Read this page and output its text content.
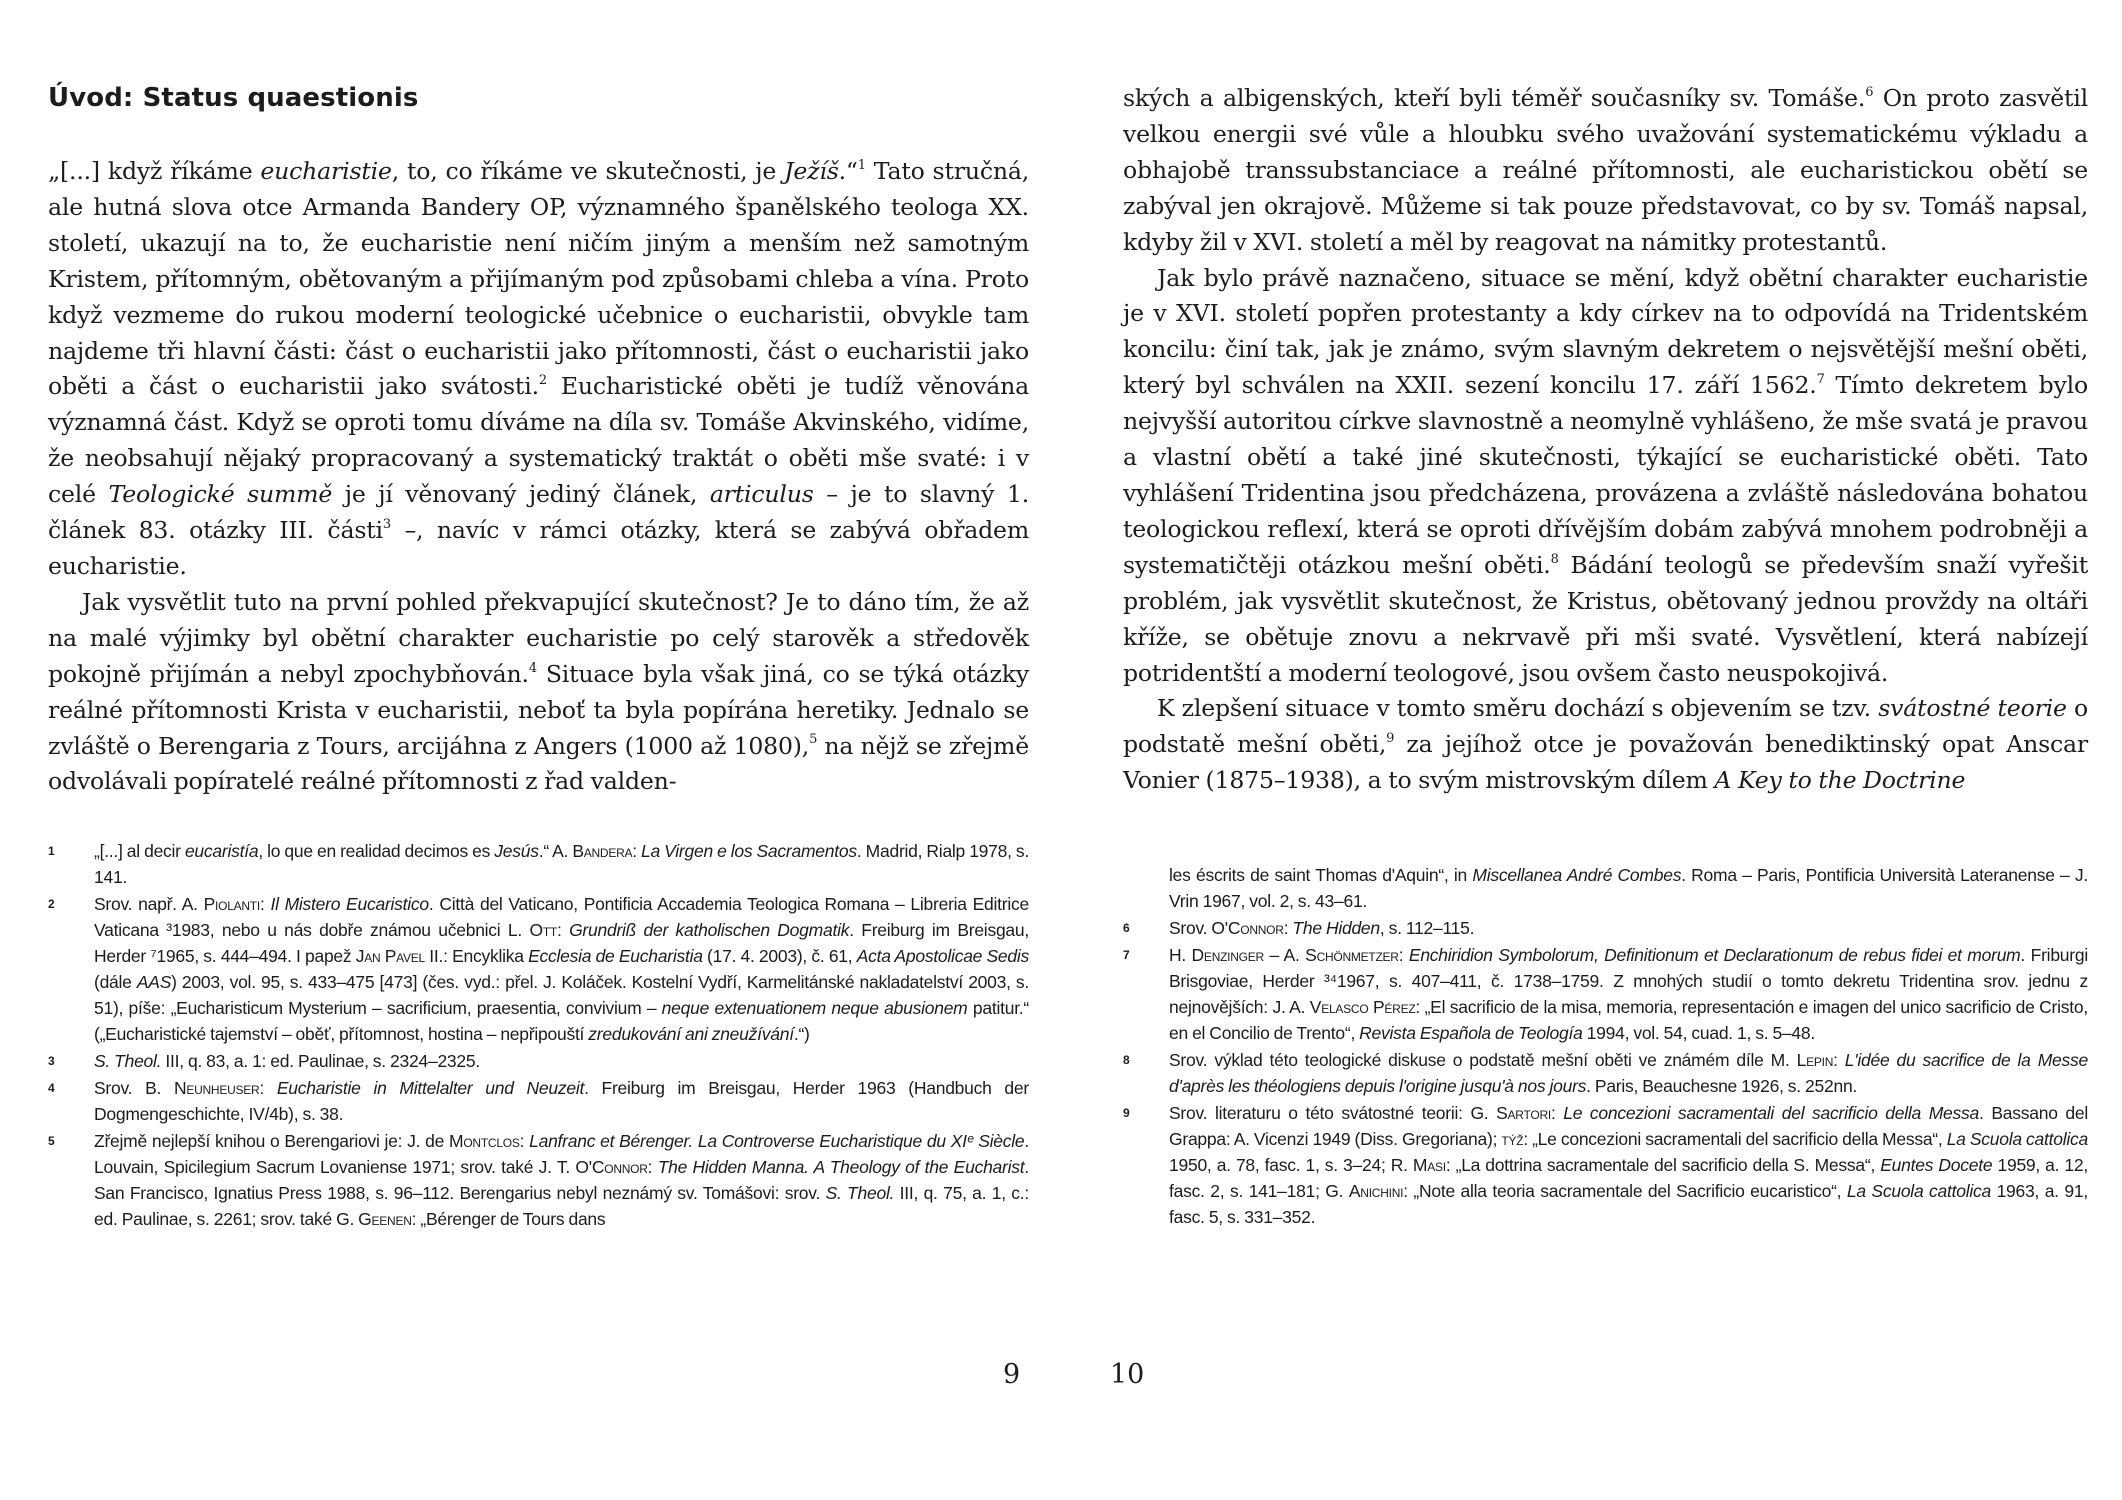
Úvod: Status quaestionis

„[...] když říkáme eucharistie, to, co říkáme ve skutečnosti, je Ježíš.“$^1$ Tato stručná, ale hutná slova otce Armanda Bandery OP, významného španělského teologa XX. století, ukazují na to, že eucharistie není ničím jiným a menším než samotným Kristem, přítomným, obětovaným a přijímaným pod způsobami chleba a vína. Proto když vezmeme do rukou moderní teologické učebnice o eucharistii, obvykle tam najdeme tři hlavní části: část o eucharistii jako přítomnosti, část o eucharistii jako oběti a část o eucharistii jako svátosti.$^2$ Eucharistické oběti je tudíž věnována významná část. Když se oproti tomu díváme na díla sv. Tomáše Akvinského, vidíme, že neobsahují nějaký propracovaný a systematický traktát o oběti mše svaté: i v celé Teologické summě je jí věnovaný jediný článek, articulus – je to slavný 1. článek 83. otázky III. části$^3$ –, navíc v rámci otázky, která se zabývá obřadem eucharistie.

Jak vysvětlit tuto na první pohled překvapující skutečnost? Je to dáno tím, že až na malé výjimky byl obětní charakter eucharistie po celý starověk a středověk pokojně přijímán a nebyl zpochybňován.$^4$ Situace byla však jiná, co se týká otázky reálné přítomnosti Krista v eucharistii, neboť ta byla popírána heretiky. Jednalo se zvláště o Berengaria z Tours, arcijáhna z Angers (1000 až 1080),$^5$ na nějž se zřejmě odvolávali popíratelé reálné přítomnosti z řad valden-

1 „[...] al decir eucaristía, lo que en realidad decimos es Jesús.“ A. Bandera: La Virgen e los Sacramentos. Madrid, Rialp 1978, s. 141.
2 Srov. např. A. Piolanti: Il Mistero Eucaristico. Città del Vaticano, Pontificia Accademia Teologica Romana – Libreria Editrice Vaticana ³1983, nebo u nás dobře známou učebnici L. Ott: Grundriß der katholischen Dogmatik. Freiburg im Breisgau, Herder ⁷1965, s. 444–494. I papež Jan Pavel II.: Encyklika Ecclesia de Eucharistia (17. 4. 2003), č. 61, Acta Apostolicae Sedis (dále AAS) 2003, vol. 95, s. 433–475 [473] (čes. vyd.: přel. J. Koláček. Kostelní Vydří, Karmelitánské nakladatelství 2003, s. 51), píše: „Eucharisticum Mysterium – sacrificium, praesentia, convivium – neque extenuationem neque abusionem patitur.“ („Eucharistické tajemství – oběť, přítomnost, hostina – nepřipouští zredukování ani zneužívání.“)
3 S. Theol. III, q. 83, a. 1: ed. Paulinae, s. 2324–2325.
4 Srov. B. Neunheuser: Eucharistie in Mittelalter und Neuzeit. Freiburg im Breisgau, Herder 1963 (Handbuch der Dogmengeschichte, IV/4b), s. 38.
5 Zřejmě nejlepší knihou o Berengariovi je: J. de Montclos: Lanfranc et Bérenger. La Controverse Eucharistique du XIᵉ Siècle. Louvain, Spicilegium Sacrum Lovaniense 1971; srov. také J. T. O'Connor: The Hidden Manna. A Theology of the Eucharist. San Francisco, Ignatius Press 1988, s. 96–112. Berengarius nebyl neznámý sv. Tomášovi: srov. S. Theol. III, q. 75, a. 1, c.: ed. Paulinae, s. 2261; srov. také G. Geenen: „Bérenger de Tours dans
9

ských a albigenských, kteří byli téměř současníky sv. Tomáše.$^6$ On proto zasvětil velkou energii své vůle a hloubku svého uvažování systematickému výkladu a obhajobě transsubstanciace a reálné přítomnosti, ale eucharistickou obětí se zabýval jen okrajově. Můžeme si tak pouze představovat, co by sv. Tomáš napsal, kdyby žil v XVI. století a měl by reagovat na námitky protestantů.

Jak bylo právě naznačeno, situace se mění, když obětní charakter eucharistie je v XVI. století popřen protestanty a kdy církev na to odpovídá na Tridentském koncilu: činí tak, jak je známo, svým slavným dekretem o nejsvětější mešní oběti, který byl schválen na XXII. sezení koncilu 17. září 1562.$^7$ Tímto dekretem bylo nejvyšší autoritou církve slavnostně a neomylně vyhlášeno, že mše svatá je pravou a vlastní obětí a také jiné skutečnosti, týkající se eucharistické oběti. Tato vyhlášení Tridentina jsou předcházena, provázena a zvláště následována bohatou teologickou reflexí, která se oproti dřívějším dobám zabývá mnohem podrobněji a systematičtěji otázkou mešní oběti.$^8$ Bádání teologů se především snaží vyřešit problém, jak vysvětlit skutečnost, že Kristus, obětovaný jednou provždy na oltáři kříže, se obětuje znovu a nekrvavě při mši svaté. Vysvětlení, která nabízejí potridentští a moderní teologové, jsou ovšem často neuspokojivá.

K zlepšení situace v tomto směru dochází s objevením se tzv. svátostné teorie o podstatě mešní oběti,$^9$ za jejíhož otce je považován benediktinský opat Anscar Vonier (1875–1938), a to svým mistrovským dílem A Key to the Doctrine

les éscrits de saint Thomas d'Aquin“, in Miscellanea André Combes. Roma – Paris, Pontificia Università Lateranense – J. Vrin 1967, vol. 2, s. 43–61.
6 Srov. O'Connor: The Hidden, s. 112–115.
7 H. Denzinger – A. Schönmetzer: Enchiridion Symbolorum, Definitionum et Declarationum de rebus fidei et morum. Friburgi Brisgoviae, Herder ³⁴1967, s. 407–411, č. 1738–1759. Z mnohých studií o tomto dekretu Tridentina srov. jednu z nejnovějších: J. A. Velasco Pérez: „El sacrificio de la misa, memoria, representación e imagen del unico sacrificio de Cristo, en el Concilio de Trento“, Revista Española de Teología 1994, vol. 54, cuad. 1, s. 5–48.
8 Srov. výklad této teologické diskuse o podstatě mešní oběti ve známém díle M. Lepin: L'idée du sacrifice de la Messe d'après les théologiens depuis l'origine jusqu'à nos jours. Paris, Beauchesne 1926, s. 252nn.
9 Srov. literaturu o této svátostné teorii: G. Sartori: Le concezioni sacramentali del sacrificio della Messa. Bassano del Grappa: A. Vicenzi 1949 (Diss. Gregoriana); týž: „Le concezioni sacramentali del sacrificio della Messa“, La Scuola cattolica 1950, a. 78, fasc. 1, s. 3–24; R. Masi: „La dottrina sacramentale del sacrificio della S. Messa“, Euntes Docete 1959, a. 12, fasc. 2, s. 141–181; G. Anichini: „Note alla teoria sacramentale del Sacrificio eucaristico“, La Scuola cattolica 1963, a. 91, fasc. 5, s. 331–352.
10
